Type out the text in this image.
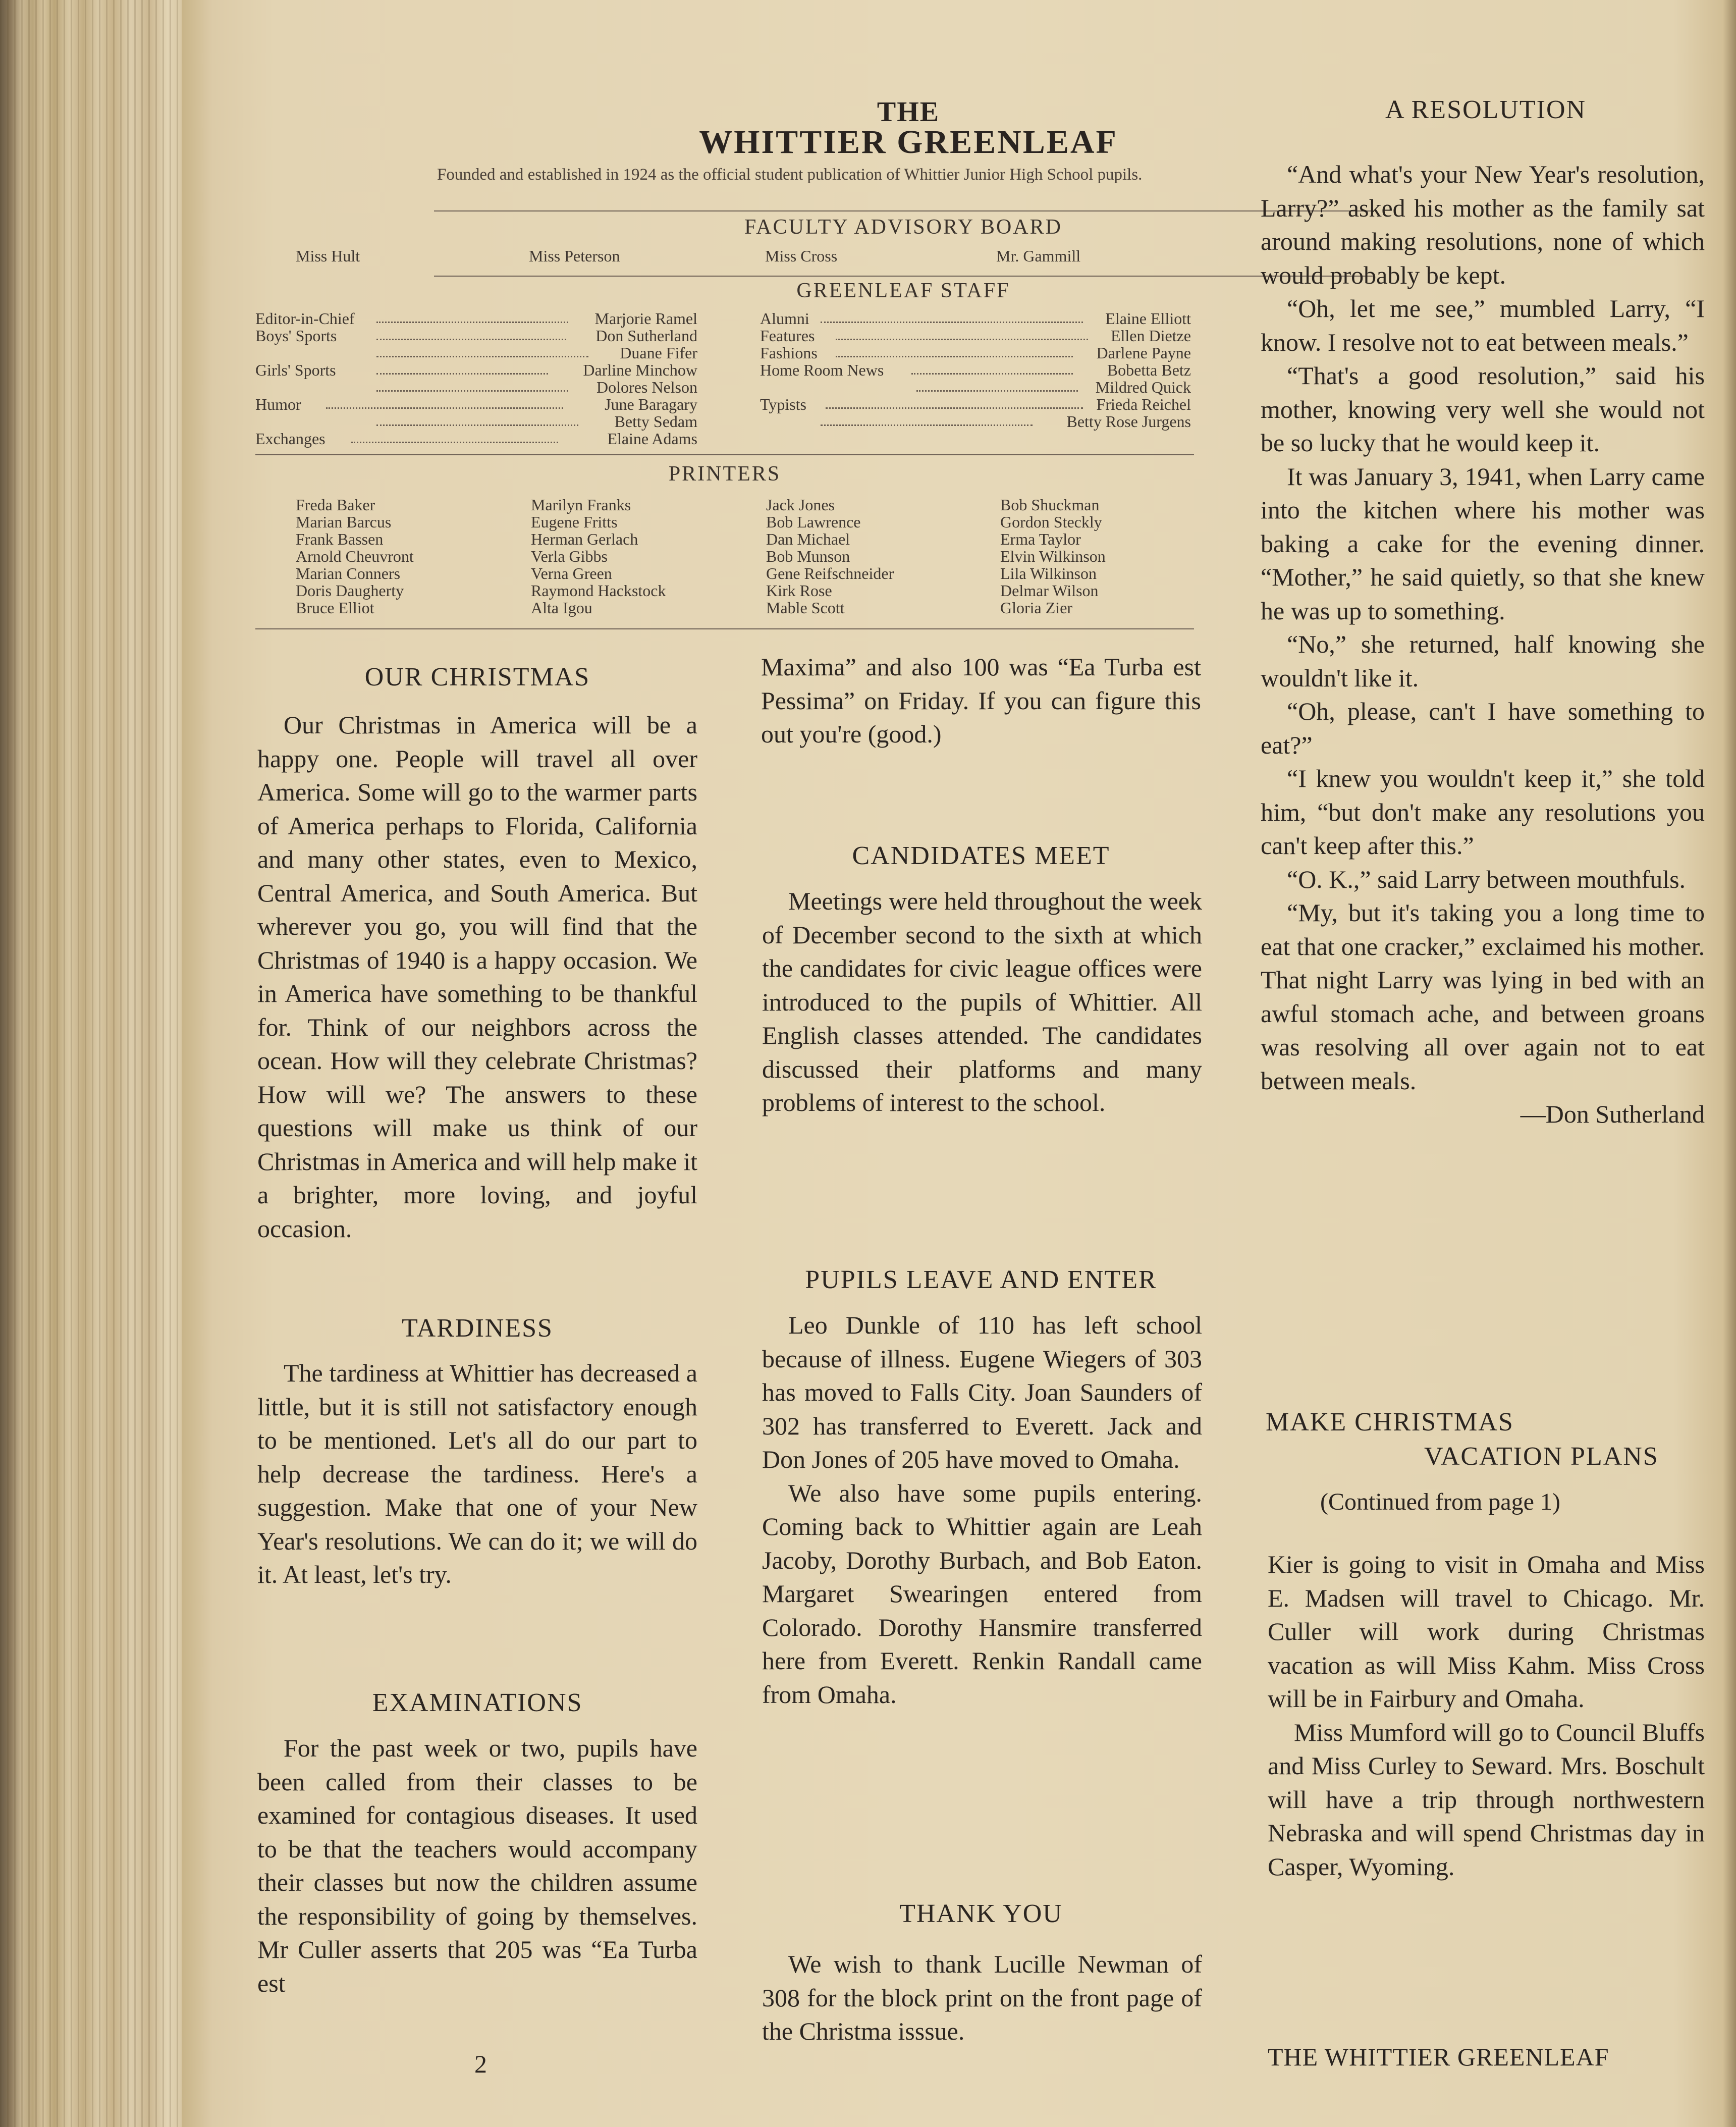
THE
WHITTIER GREENLEAF
Founded and established in 1924 as the official student publication of Whittier Junior High School pupils.
FACULTY ADVISORY BOARD
Miss Hult	Miss Peterson	Miss Cross	Mr. Gammill
GREENLEAF STAFF
Editor-in-Chief	Marjorie Ramel
Boys' Sports	Don Sutherland
Duane Fifer
Girls' Sports	Darline Minchow
Dolores Nelson
Humor	June Baragary
Betty Sedam
Exchanges	Elaine Adams
Alumni	Elaine Elliott
Features	Ellen Dietze
Fashions	Darlene Payne
Home Room News	Bobetta Betz
Mildred Quick
Typists	Frieda Reichel
Betty Rose Jurgens
PRINTERS
Freda Baker
Marian Barcus
Frank Bassen
Arnold Cheuvront
Marian Conners
Doris Daugherty
Bruce Elliot
Marilyn Franks
Eugene Fritts
Herman Gerlach
Verla Gibbs
Verna Green
Raymond Hackstock
Alta Igou
Jack Jones
Bob Lawrence
Dan Michael
Bob Munson
Gene Reifschneider
Kirk Rose
Mable Scott
Bob Shuckman
Gordon Steckly
Erma Taylor
Elvin Wilkinson
Lila Wilkinson
Delmar Wilson
Gloria Zier
OUR CHRISTMAS

Our Christmas in America will be a happy one. People will travel all over America. Some will go to the warmer parts of America perhaps to Florida, California and many other states, even to Mexico, Central America, and South America. But wherever you go, you will find that the Christmas of 1940 is a happy occasion. We in America have something to be thankful for. Think of our neighbors across the ocean. How will they celebrate Christmas? How will we? The answers to these questions will make us think of our Christmas in America and will help make it a brighter, more loving, and joyful occasion.

TARDINESS

The tardiness at Whittier has decreased a little, but it is still not satisfactory enough to be mentioned. Let's all do our part to help decrease the tardiness. Here's a suggestion. Make that one of your New Year's resolutions. We can do it; we will do it. At least, let's try.

EXAMINATIONS

For the past week or two, pupils have been called from their classes to be examined for contagious diseases. It used to be that the teachers would accompany their classes but now the children assume the responsibility of going by themselves. Mr Culler asserts that 205 was “Ea Turba est

2

Maxima” and also 100 was “Ea Turba est Pessima” on Friday. If you can figure this out you're (good.)

CANDIDATES MEET

Meetings were held throughout the week of December second to the sixth at which the candidates for civic league offices were introduced to the pupils of Whittier. All English classes attended. The candidates discussed their platforms and many problems of interest to the school.

PUPILS LEAVE AND ENTER

Leo Dunkle of 110 has left school because of illness. Eugene Wiegers of 303 has moved to Falls City. Joan Saunders of 302 has transferred to Everett. Jack and Don Jones of 205 have moved to Omaha.

We also have some pupils entering. Coming back to Whittier again are Leah Jacoby, Dorothy Burbach, and Bob Eaton. Margaret Swearingen entered from Colorado. Dorothy Hansmire transferred here from Everett. Renkin Randall came from Omaha.

THANK YOU

We wish to thank Lucille Newman of 308 for the block print on the front page of the Christma isssue.

A RESOLUTION

“And what's your New Year's resolution, Larry?” asked his mother as the family sat around making resolutions, none of which would probably be kept.

“Oh, let me see,” mumbled Larry, “I know. I resolve not to eat between meals.”

“That's a good resolution,” said his mother, knowing very well she would not be so lucky that he would keep it.

It was January 3, 1941, when Larry came into the kitchen where his mother was baking a cake for the evening dinner. “Mother,” he said quietly, so that she knew he was up to something.

“No,” she returned, half knowing she wouldn't like it.

“Oh, please, can't I have something to eat?”

“I knew you wouldn't keep it,” she told him, “but don't make any resolutions you can't keep after this.”

“O. K.,” said Larry between mouthfuls.

“My, but it's taking you a long time to eat that one cracker,” exclaimed his mother. That night Larry was lying in bed with an awful stomach ache, and between groans was resolving all over again not to eat between meals.

—Don Sutherland

MAKE CHRISTMAS
VACATION PLANS
(Continued from page 1)

Kier is going to visit in Omaha and Miss E. Madsen will travel to Chicago. Mr. Culler will work during Christmas vacation as will Miss Kahm. Miss Cross will be in Fairbury and Omaha.

Miss Mumford will go to Council Bluffs and Miss Curley to Seward. Mrs. Boschult will have a trip through northwestern Nebraska and will spend Christmas day in Casper, Wyoming.

THE WHITTIER GREENLEAF
